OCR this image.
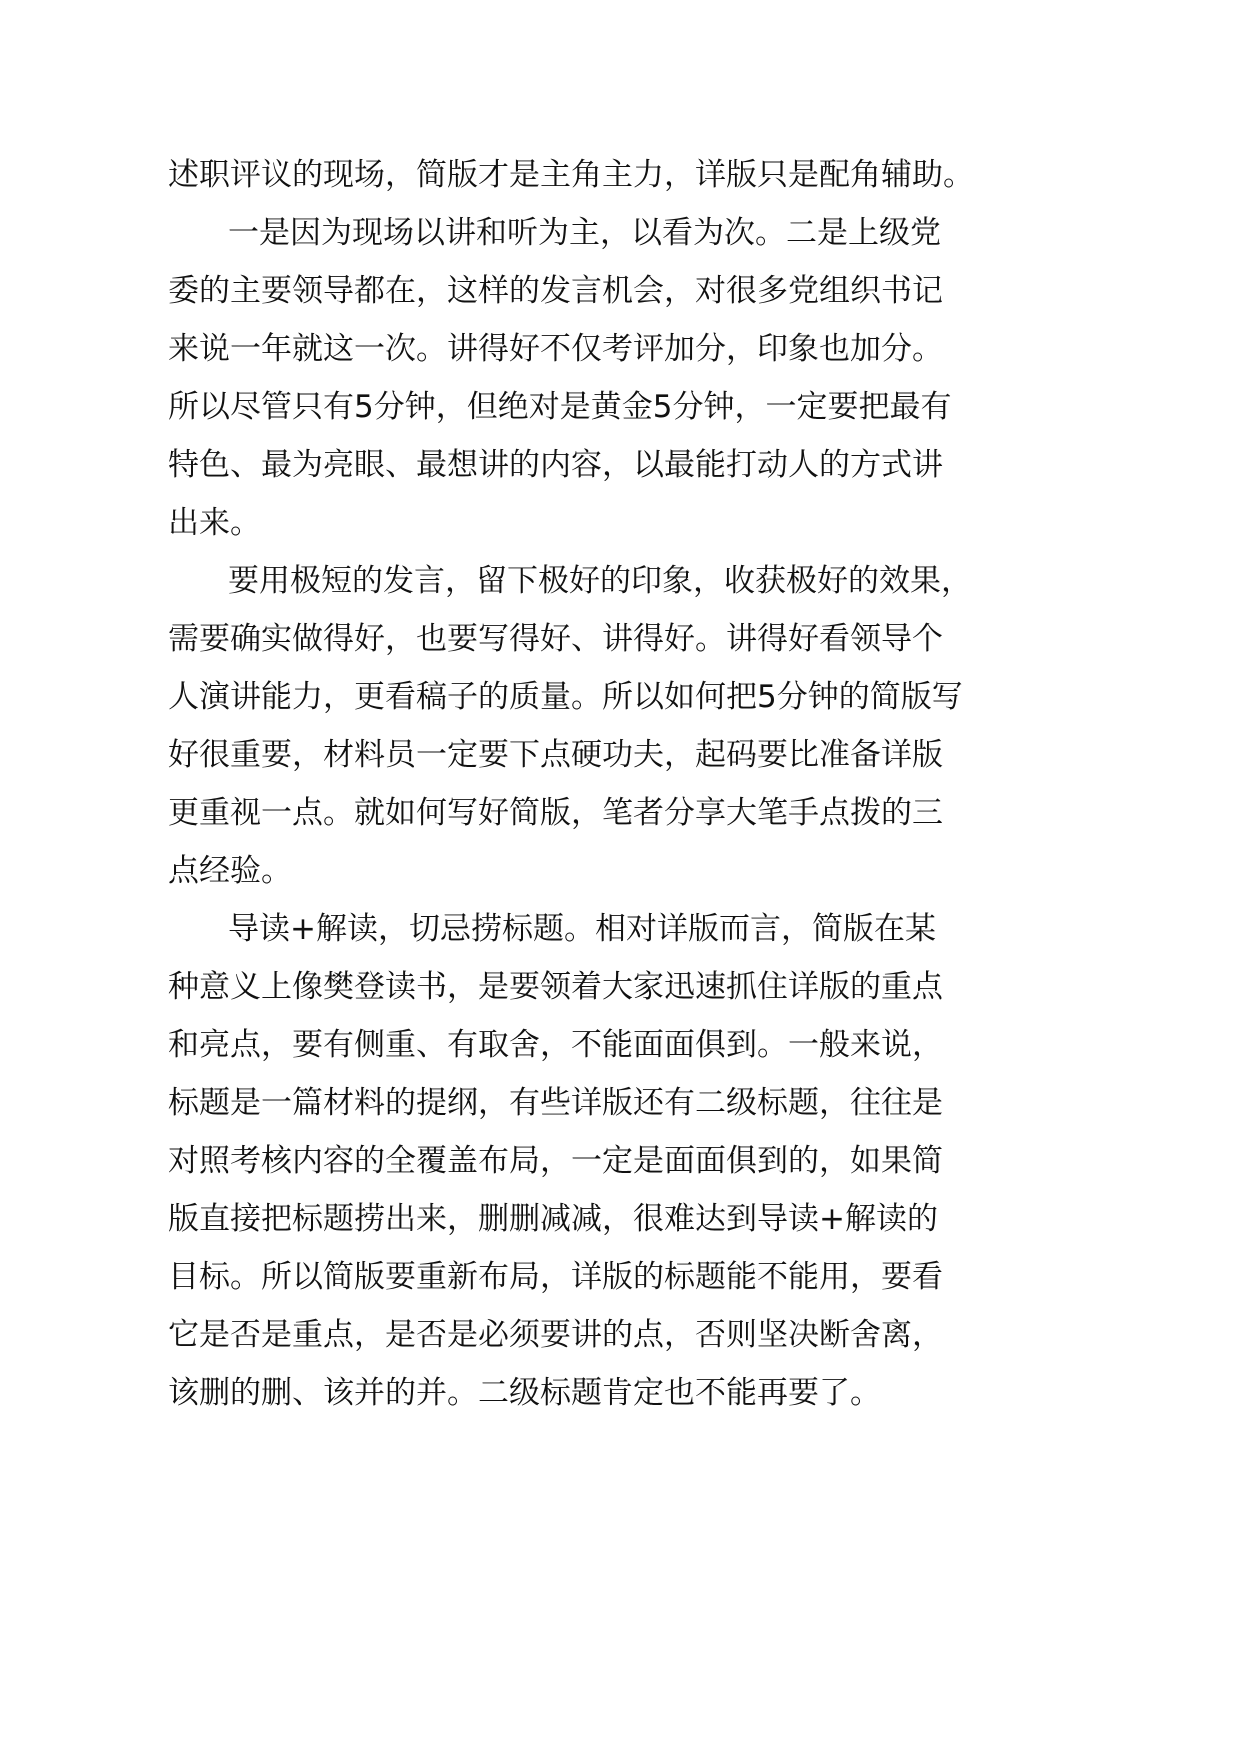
述职评议的现场，简版才是主角主力，详版只是配角辅助。
一是因为现场以讲和听为主，以看为次。二是上级党
委的主要领导都在，这样的发言机会，对很多党组织书记
来说一年就这一次。讲得好不仅考评加分，印象也加分。
所以尽管只有5分钟，但绝对是黄金5分钟，一定要把最有
特色、最为亮眼、最想讲的内容，以最能打动人的方式讲
出来。
要用极短的发言，留下极好的印象，收获极好的效果，
需要确实做得好，也要写得好、讲得好。讲得好看领导个
人演讲能力，更看稿子的质量。所以如何把5分钟的简版写
好很重要，材料员一定要下点硬功夫，起码要比准备详版
更重视一点。就如何写好简版，笔者分享大笔手点拨的三
点经验。
导读+解读，切忌捞标题。相对详版而言，简版在某
种意义上像樊登读书，是要领着大家迅速抓住详版的重点
和亮点，要有侧重、有取舍，不能面面俱到。一般来说，
标题是一篇材料的提纲，有些详版还有二级标题，往往是
对照考核内容的全覆盖布局，一定是面面俱到的，如果简
版直接把标题捞出来，删删减减，很难达到导读+解读的
目标。所以简版要重新布局，详版的标题能不能用，要看
它是否是重点，是否是必须要讲的点，否则坚决断舍离，
该删的删、该并的并。二级标题肯定也不能再要了。
